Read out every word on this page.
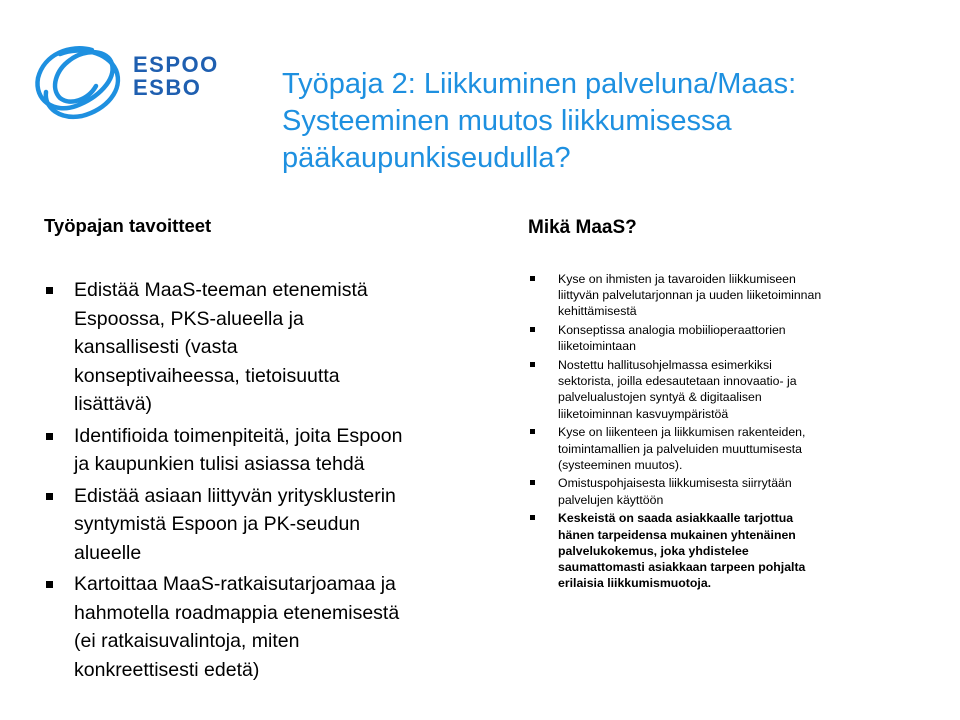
ESPOO
ESBO	Työpaja 2: Liikkuminen palveluna/Maas:
Systeeminen muutos liikkumisessa
pääkaupunkiseudulla?
Työpajan tavoitteet
Edistää MaaS-teeman etenemistä
Espoossa, PKS-alueella ja
kansallisesti (vasta
konseptivaiheessa, tietoisuutta
lisättävä)
Identifioida toimenpiteitä, joita Espoon
ja kaupunkien tulisi asiassa tehdä
Edistää asiaan liittyvän yritysklusterin
syntymistä Espoon ja PK-seudun
alueelle
Kartoittaa MaaS-ratkaisutarjoamaa ja
hahmotella roadmappia etenemisestä
(ei ratkaisuvalintoja, miten
konkreettisesti edetä)
Mikä MaaS?
Kyse on ihmisten ja tavaroiden liikkumiseen
liittyvän palvelutarjonnan ja uuden liiketoiminnan
kehittämisestä
Konseptissa analogia mobiilioperaattorien
liiketoimintaan
Nostettu hallitusohjelmassa esimerkiksi
sektorista, joilla edesautetaan innovaatio- ja
palvelualustojen syntyä & digitaalisen
liiketoiminnan kasvuympäristöä
Kyse on liikenteen ja liikkumisen rakenteiden,
toimintamallien ja palveluiden muuttumisesta
(systeeminen muutos).
Omistuspohjaisesta liikkumisesta siirrytään
palvelujen käyttöön
Keskeistä on saada asiakkaalle tarjottua
hänen tarpeidensa mukainen yhtenäinen
palvelukokemus, joka yhdistelee
saumattomasti asiakkaan tarpeen pohjalta
erilaisia liikkumismuotoja.
